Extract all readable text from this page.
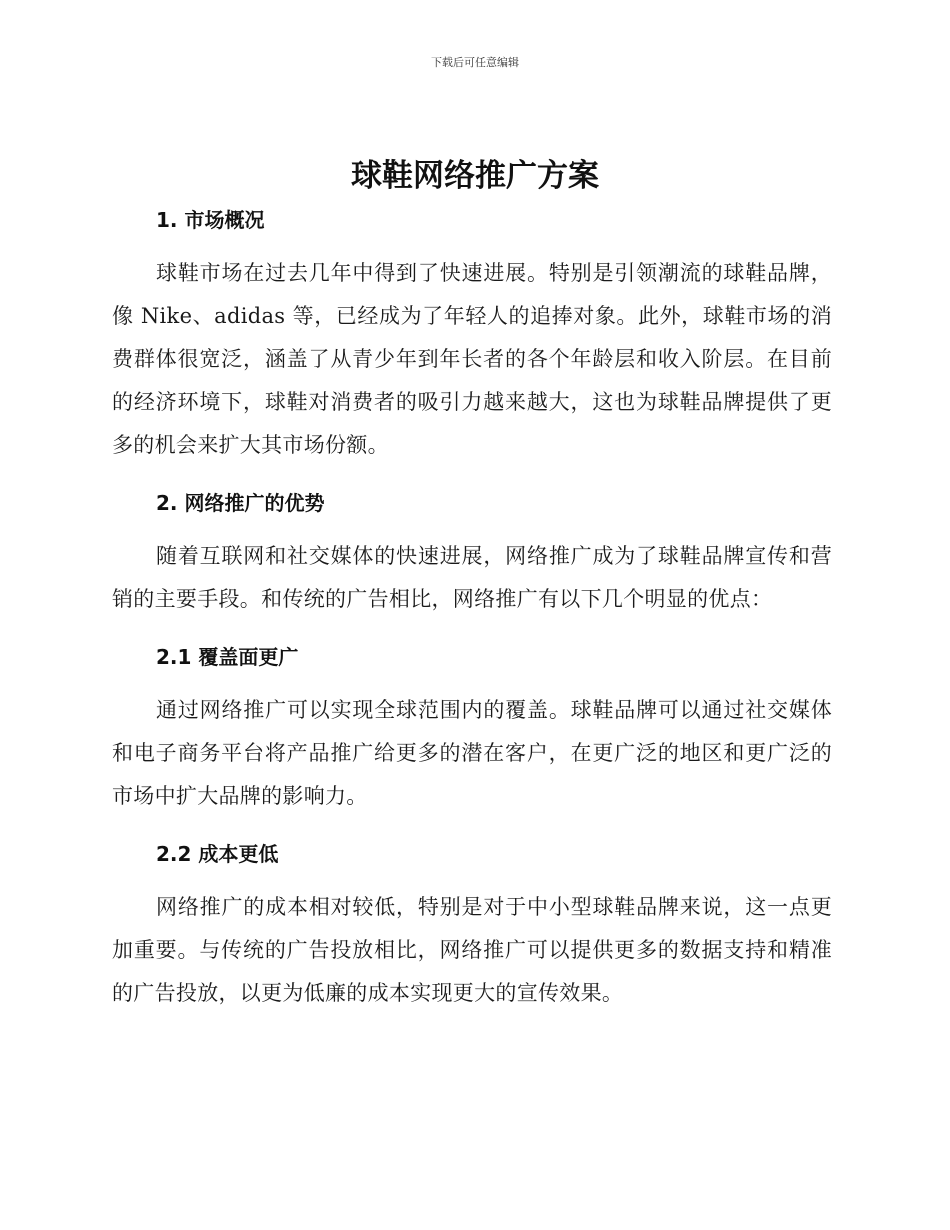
下载后可任意编辑
球鞋网络推广方案
1. 市场概况

球鞋市场在过去几年中得到了快速进展。特别是引领潮流的球鞋品牌，像 Nike、adidas 等，已经成为了年轻人的追捧对象。此外，球鞋市场的消费群体很宽泛，涵盖了从青少年到年长者的各个年龄层和收入阶层。在目前的经济环境下，球鞋对消费者的吸引力越来越大，这也为球鞋品牌提供了更多的机会来扩大其市场份额。

2. 网络推广的优势

随着互联网和社交媒体的快速进展，网络推广成为了球鞋品牌宣传和营销的主要手段。和传统的广告相比，网络推广有以下几个明显的优点：

2.1 覆盖面更广

通过网络推广可以实现全球范围内的覆盖。球鞋品牌可以通过社交媒体和电子商务平台将产品推广给更多的潜在客户，在更广泛的地区和更广泛的市场中扩大品牌的影响力。

2.2 成本更低

网络推广的成本相对较低，特别是对于中小型球鞋品牌来说，这一点更加重要。与传统的广告投放相比，网络推广可以提供更多的数据支持和精准的广告投放，以更为低廉的成本实现更大的宣传效果。
